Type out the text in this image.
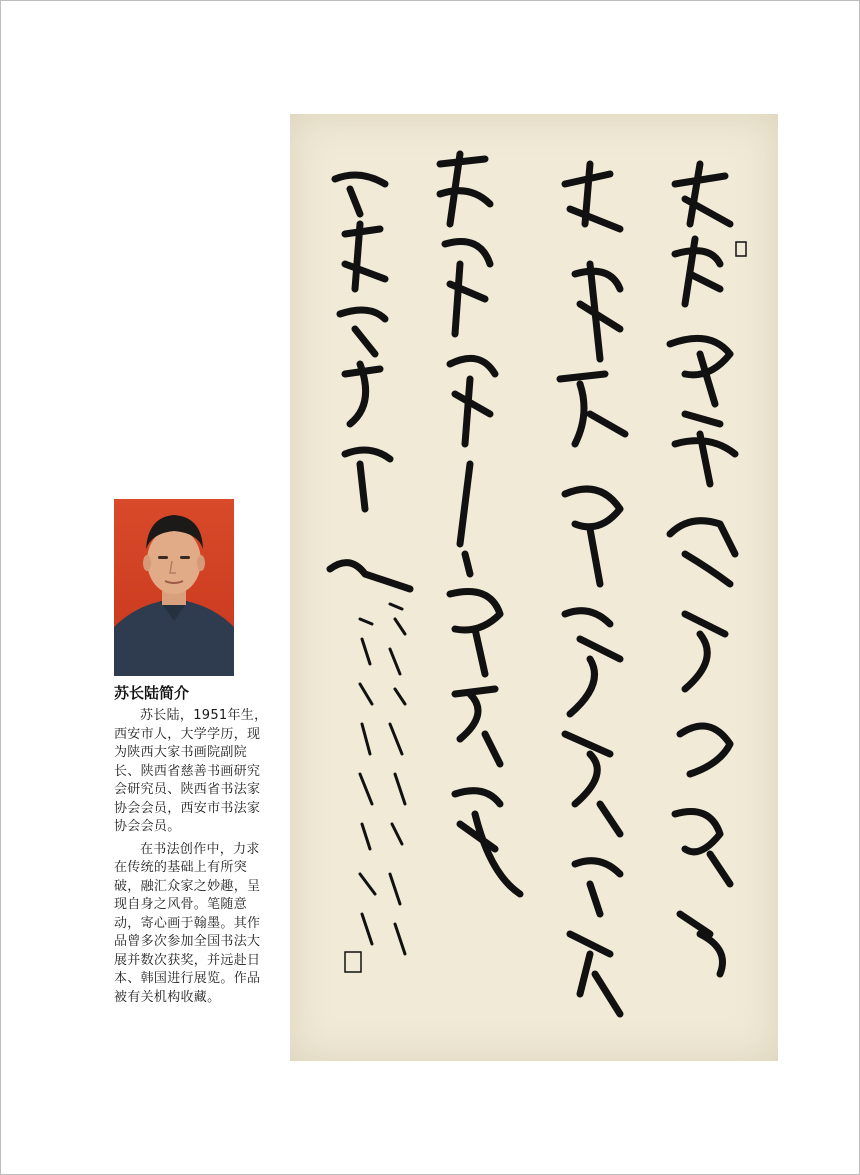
苏长陆简介

苏长陆，1951年生，西安市人，大学学历，现为陕西大家书画院副院长、陕西省慈善书画研究会研究员、陕西省书法家协会会员，西安市书法家协会会员。

在书法创作中，力求在传统的基础上有所突破，融汇众家之妙趣，呈现自身之风骨。笔随意动，寄心画于翰墨。其作品曾多次参加全国书法大展并数次获奖，并远赴日本、韩国进行展览。作品被有关机构收藏。
